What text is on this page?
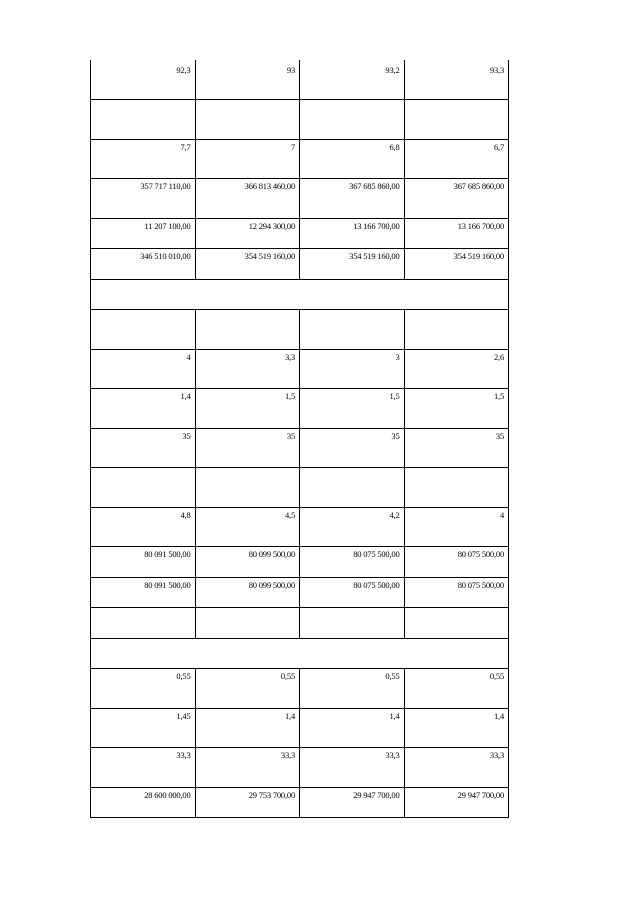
92,3	93	93,2	93,3

7,7	7	6,8	6,7

357 717 110,00	366 813 460,00	367 685 860,00	367 685 860,00

11 207 100,00	12 294 300,00	13 166 700,00	13 166 700,00

346 510 010,00	354 519 160,00	354 519 160,00	354 519 160,00

4	3,3	3	2,6

1,4	1,5	1,5	1,5

35	35	35	35

4,8	4,5	4,2	4

80 091 500,00	80 099 500,00	80 075 500,00	80 075 500,00

80 091 500,00	80 099 500,00	80 075 500,00	80 075 500,00

0,55	0,55	0,55	0,55

1,45	1,4	1,4	1,4

33,3	33,3	33,3	33,3

28 600 000,00	29 753 700,00	29 947 700,00	29 947 700,00
